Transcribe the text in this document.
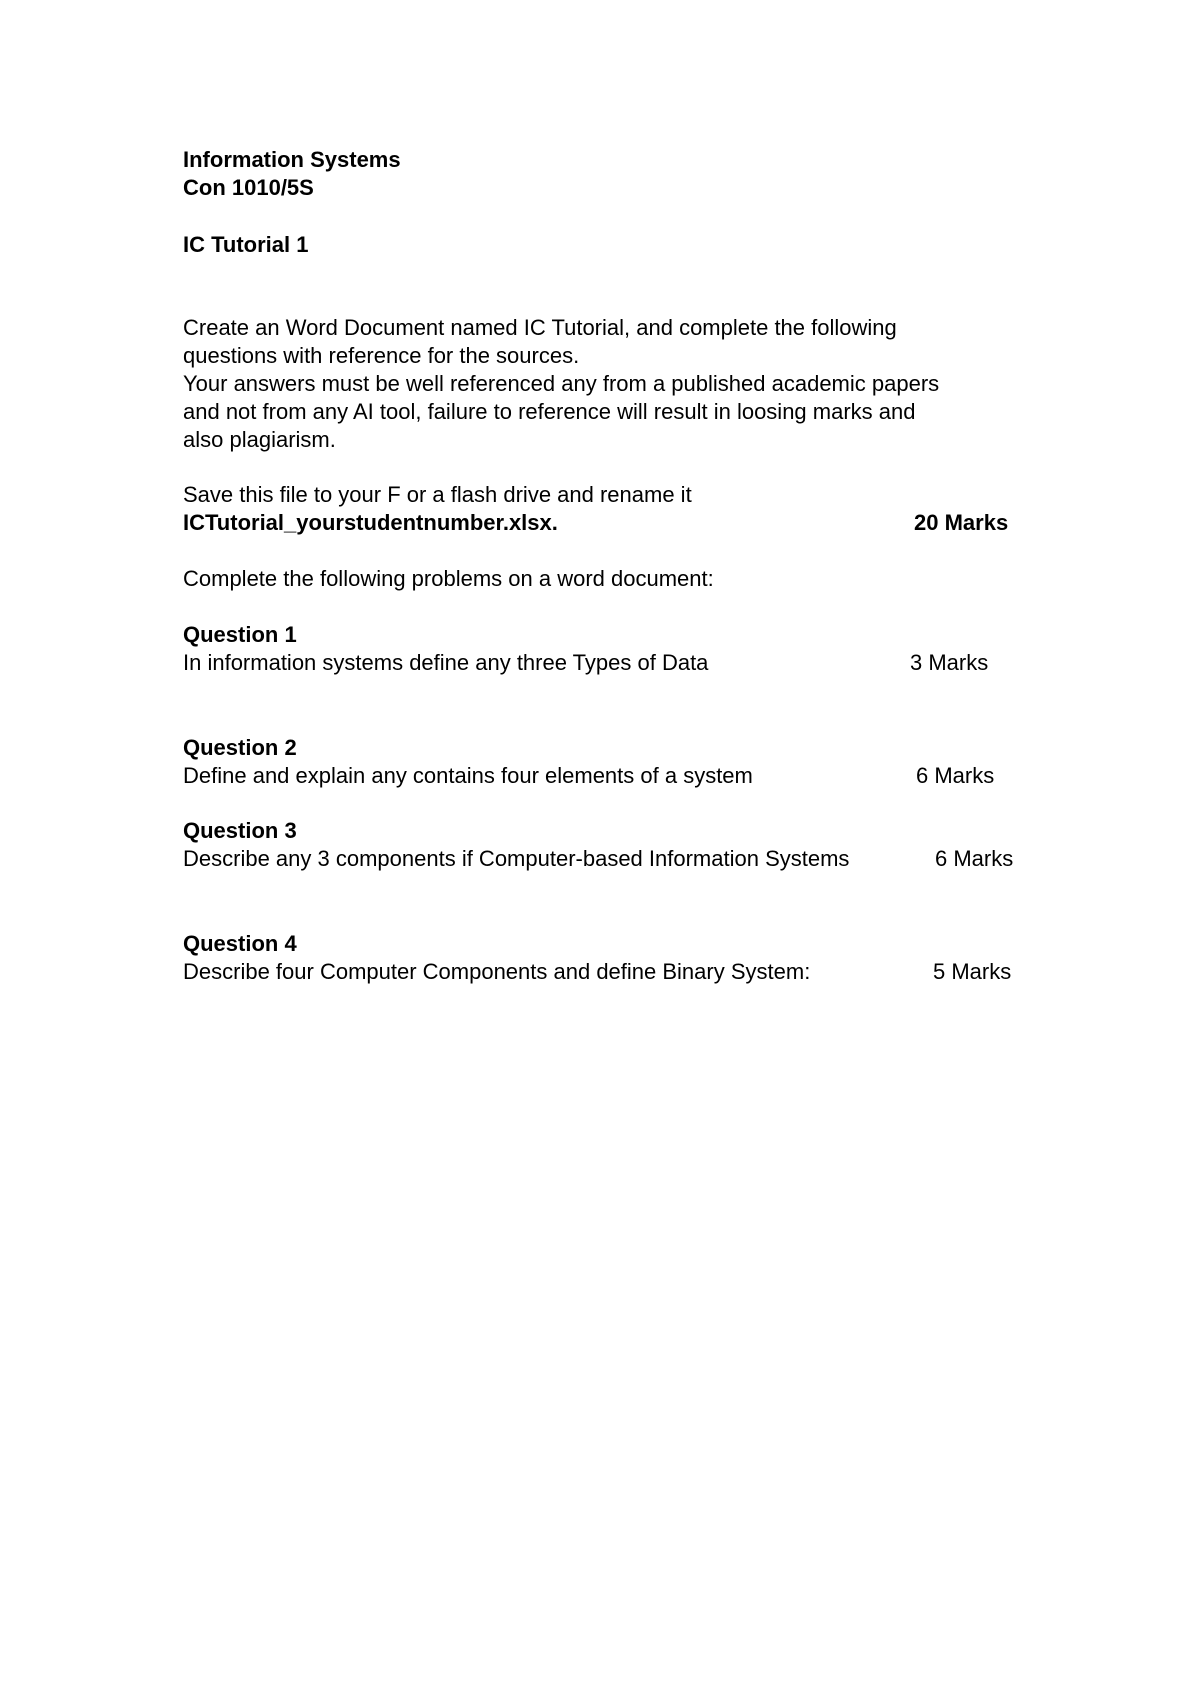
Information Systems
Con 1010/5S
IC Tutorial 1
Create an Word Document named IC Tutorial, and complete the following
questions with reference for the sources.
Your answers must be well referenced any from a published academic papers
and not from any AI tool, failure to reference will result in loosing marks and
also plagiarism.
Save this file to your F or a flash drive and rename it
ICTutorial_yourstudentnumber.xlsx.	20 Marks
Complete the following problems on a word document:
Question 1
In information systems define any three Types of Data	3 Marks
Question 2
Define and explain any contains four elements of a system	6 Marks
Question 3
Describe any 3 components if Computer-based Information Systems	6 Marks
Question 4
Describe four Computer Components and define Binary System:	5 Marks
